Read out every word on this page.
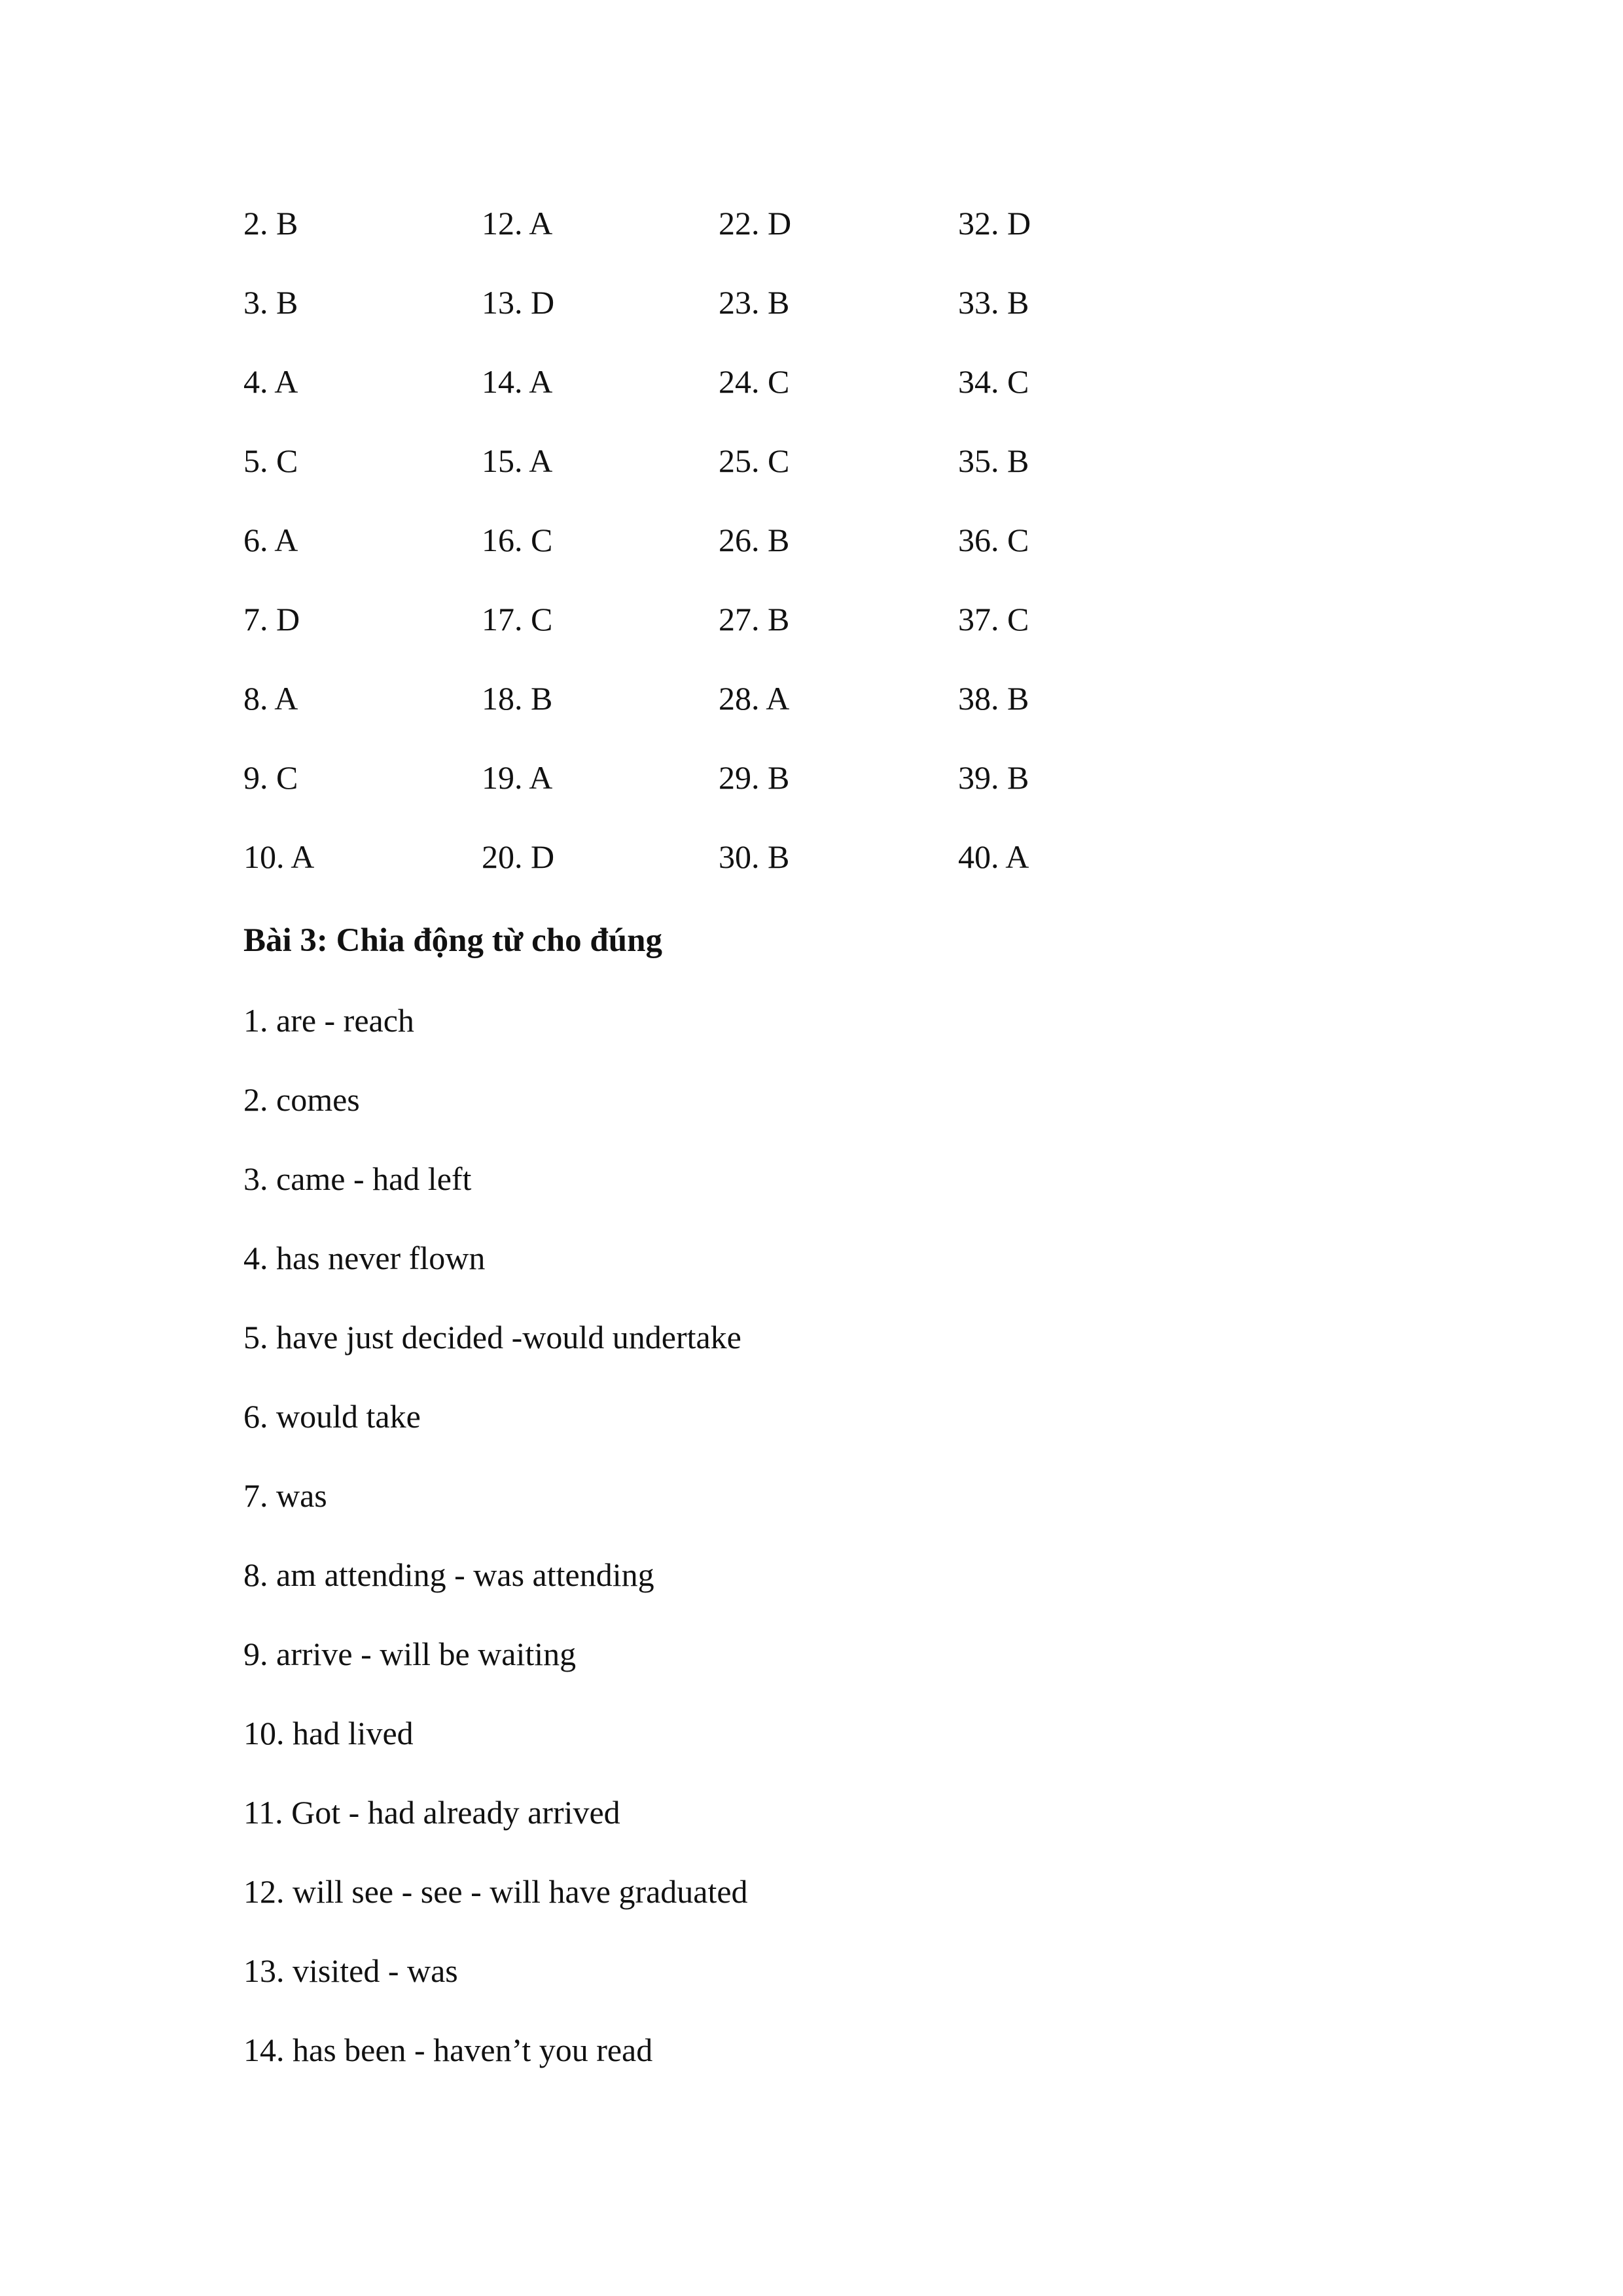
2. B	12. A	22. D	32. D
3. B	13. D	23. B	33. B
4. A	14. A	24. C	34. C
5. C	15. A	25. C	35. B
6. A	16. C	26. B	36. C
7. D	17. C	27. B	37. C
8. A	18. B	28. A	38. B
9. C	19. A	29. B	39. B
10. A	20. D	30. B	40. A
Bài 3: Chia động từ cho đúng
1. are - reach
2. comes
3. came - had left
4. has never flown
5. have just decided -would undertake
6. would take
7. was
8. am attending - was attending
9. arrive - will be waiting
10. had lived
11. Got - had already arrived
12. will see - see - will have graduated
13. visited - was
14. has been - haven’t you read
